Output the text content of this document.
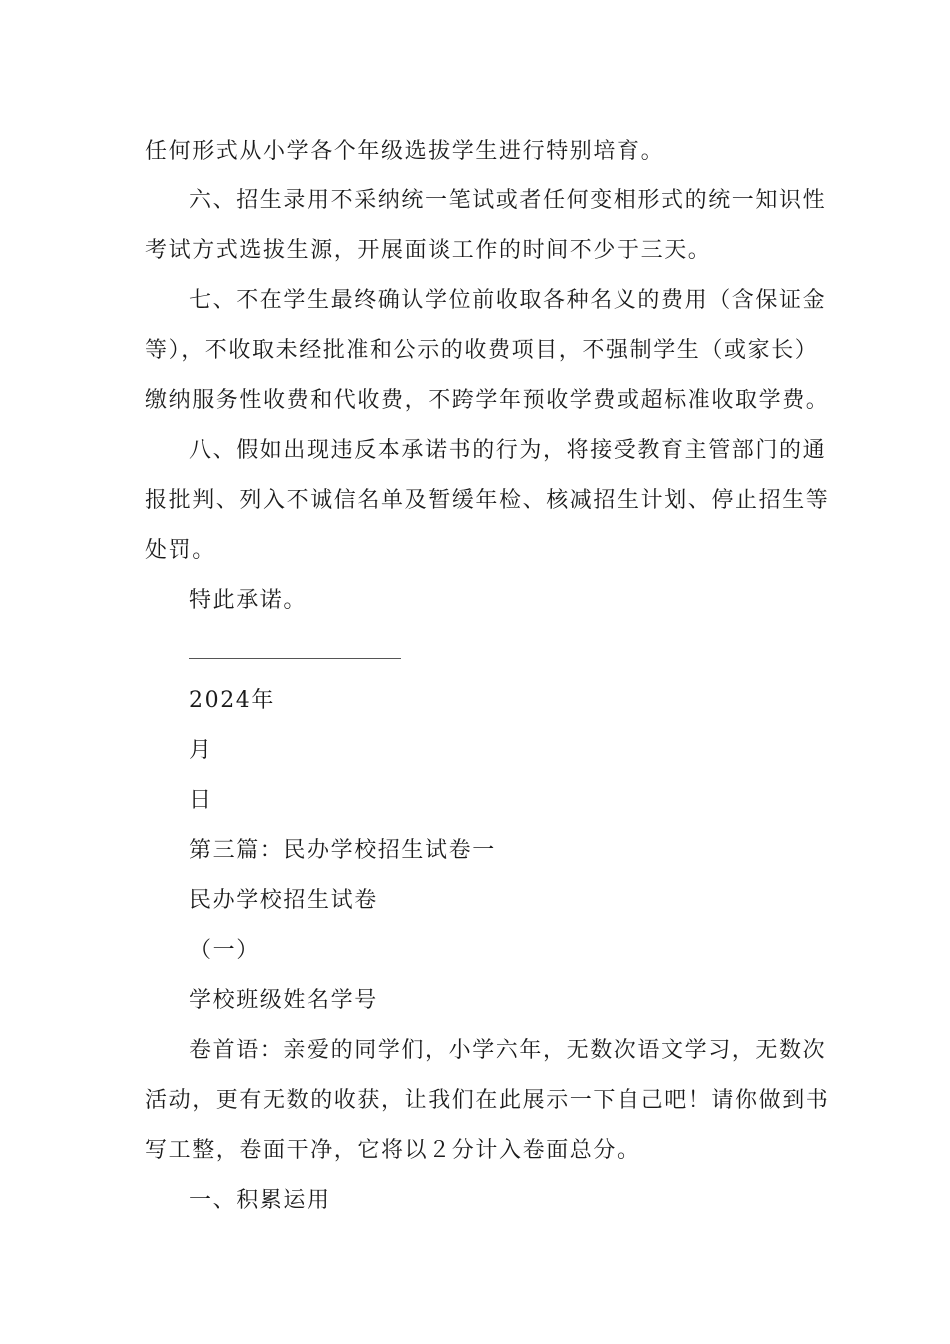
任何形式从小学各个年级选拔学生进行特别培育。
六、招生录用不采纳统一笔试或者任何变相形式的统一知识性
考试方式选拔生源，开展面谈工作的时间不少于三天。
七、不在学生最终确认学位前收取各种名义的费用（含保证金
等），不收取未经批准和公示的收费项目，不强制学生（或家长）
缴纳服务性收费和代收费，不跨学年预收学费或超标准收取学费。
八、假如出现违反本承诺书的行为，将接受教育主管部门的通
报批判、列入不诚信名单及暂缓年检、核减招生计划、停止招生等
处罚。
特此承诺。
2024年
月
日
第三篇：民办学校招生试卷一
民办学校招生试卷
（一）
学校班级姓名学号
卷首语：亲爱的同学们，小学六年，无数次语文学习，无数次
活动，更有无数的收获，让我们在此展示一下自己吧！请你做到书
写工整，卷面干净，它将以２分计入卷面总分。
一、积累运用
